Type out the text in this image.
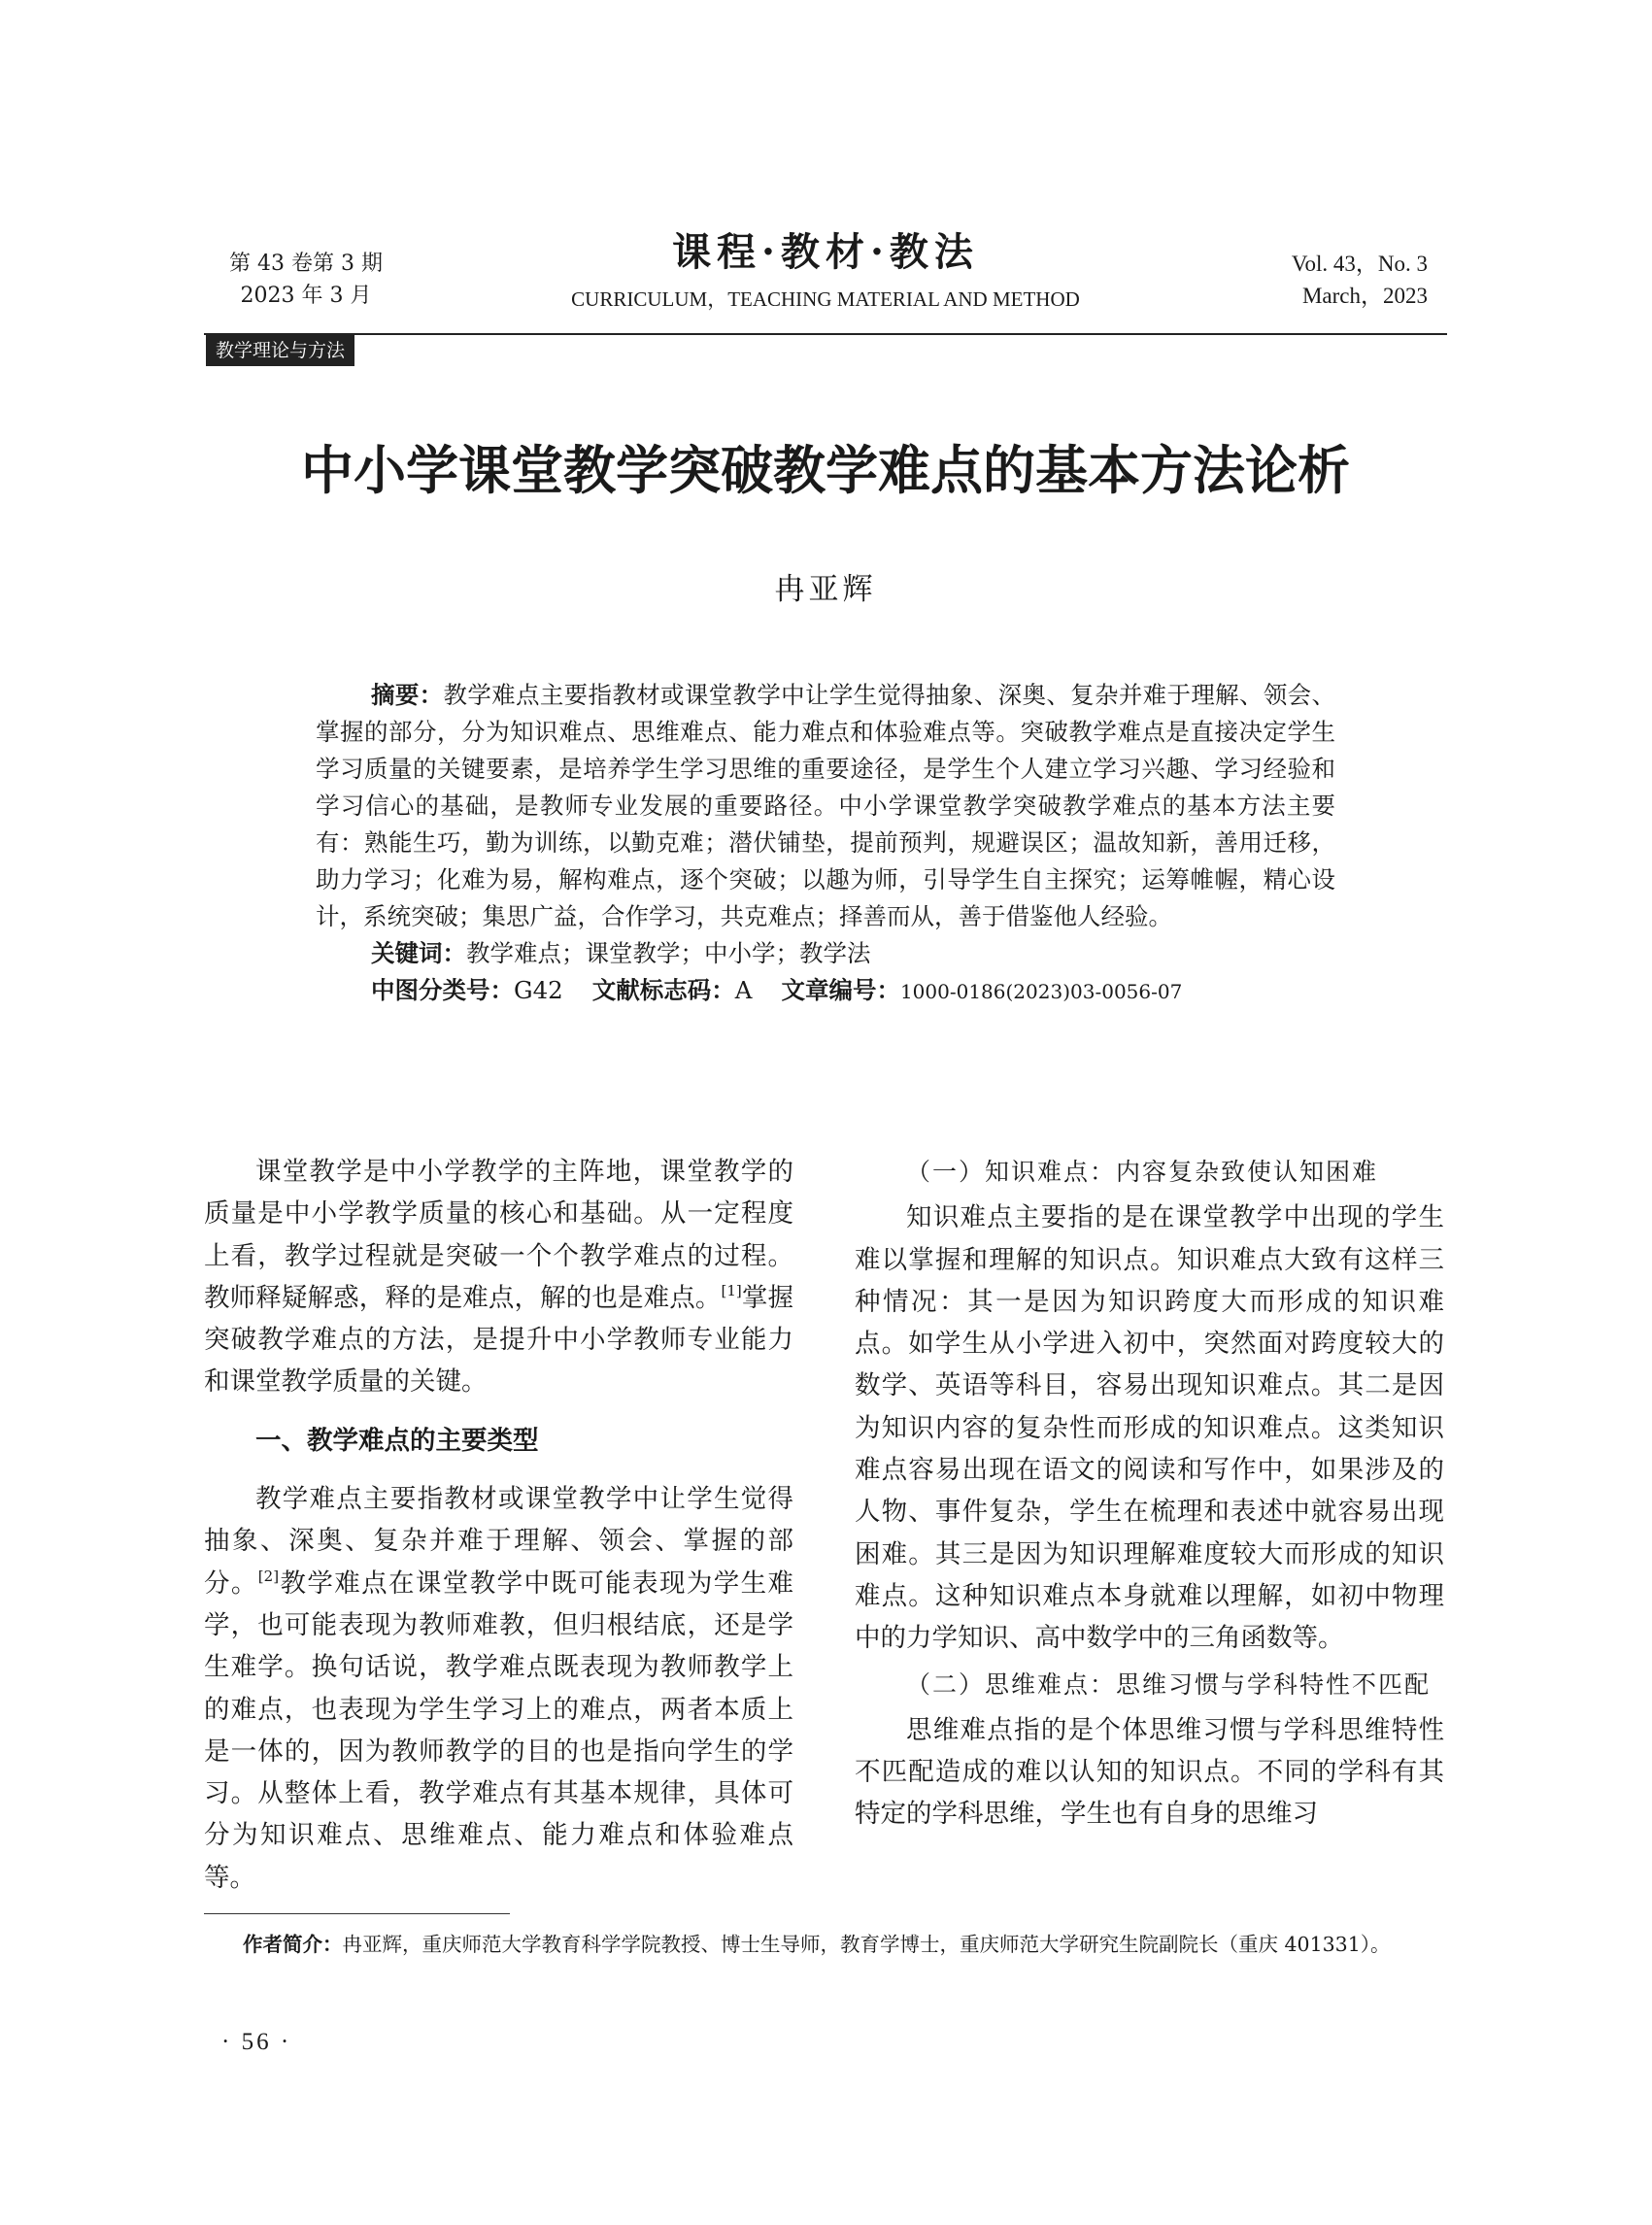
第 43 卷第 3 期
2023 年 3 月
课程·教材·教法
CURRICULUM，TEACHING MATERIAL AND METHOD
Vol. 43，No. 3
March，2023
教学理论与方法
中小学课堂教学突破教学难点的基本方法论析
冉亚辉

摘要：教学难点主要指教材或课堂教学中让学生觉得抽象、深奥、复杂并难于理解、领会、掌握的部分，分为知识难点、思维难点、能力难点和体验难点等。突破教学难点是直接决定学生学习质量的关键要素，是培养学生学习思维的重要途径，是学生个人建立学习兴趣、学习经验和学习信心的基础，是教师专业发展的重要路径。中小学课堂教学突破教学难点的基本方法主要有：熟能生巧，勤为训练，以勤克难；潜伏铺垫，提前预判，规避误区；温故知新，善用迁移，助力学习；化难为易，解构难点，逐个突破；以趣为师，引导学生自主探究；运筹帷幄，精心设计，系统突破；集思广益，合作学习，共克难点；择善而从，善于借鉴他人经验。

关键词：教学难点；课堂教学；中小学；教学法

中图分类号：G42 文献标志码：A 文章编号：1000-0186(2023)03-0056-07

课堂教学是中小学教学的主阵地，课堂教学的质量是中小学教学质量的核心和基础。从一定程度上看，教学过程就是突破一个个教学难点的过程。教师释疑解惑，释的是难点，解的也是难点。[1]掌握突破教学难点的方法，是提升中小学教师专业能力和课堂教学质量的关键。

一、教学难点的主要类型

教学难点主要指教材或课堂教学中让学生觉得抽象、深奥、复杂并难于理解、领会、掌握的部分。[2]教学难点在课堂教学中既可能表现为学生难学，也可能表现为教师难教，但归根结底，还是学生难学。换句话说，教学难点既表现为教师教学上的难点，也表现为学生学习上的难点，两者本质上是一体的，因为教师教学的目的也是指向学生的学习。从整体上看，教学难点有其基本规律，具体可分为知识难点、思维难点、能力难点和体验难点等。

（一）知识难点：内容复杂致使认知困难

知识难点主要指的是在课堂教学中出现的学生难以掌握和理解的知识点。知识难点大致有这样三种情况：其一是因为知识跨度大而形成的知识难点。如学生从小学进入初中，突然面对跨度较大的数学、英语等科目，容易出现知识难点。其二是因为知识内容的复杂性而形成的知识难点。这类知识难点容易出现在语文的阅读和写作中，如果涉及的人物、事件复杂，学生在梳理和表述中就容易出现困难。其三是因为知识理解难度较大而形成的知识难点。这种知识难点本身就难以理解，如初中物理中的力学知识、高中数学中的三角函数等。

（二）思维难点：思维习惯与学科特性不匹配

思维难点指的是个体思维习惯与学科思维特性不匹配造成的难以认知的知识点。不同的学科有其特定的学科思维，学生也有自身的思维习

作者简介：冉亚辉，重庆师范大学教育科学学院教授、博士生导师，教育学博士，重庆师范大学研究生院副院长（重庆 401331）。
· 56 ·
